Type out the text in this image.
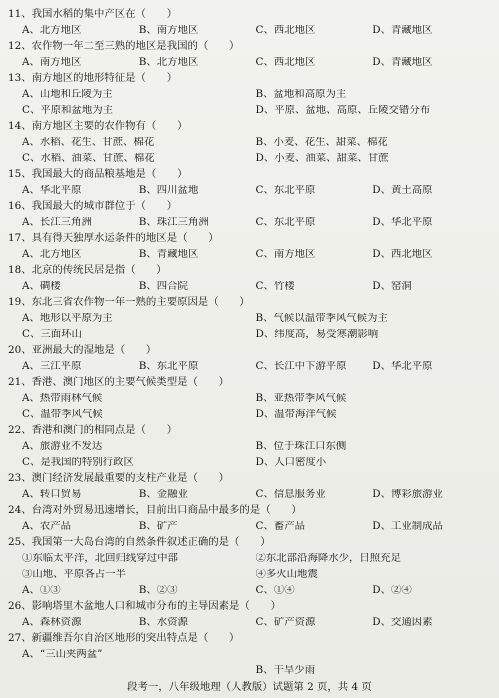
11、我国水稻的集中产区在（　　）
A、北方地区	B、南方地区	C、西北地区	D、青藏地区
12、农作物一年二至三熟的地区是我国的（　　）
A、南方地区	B、北方地区	C、西北地区	D、青藏地区
13、南方地区的地形特征是（　　）
A、山地和丘陵为主	B、盆地和高原为主
C、平原和盆地为主	D、平原、盆地、高原、丘陵交错分布
14、南方地区主要的农作物有（　　）
A、水稻、花生、甘蔗、棉花	B、小麦、花生、甜菜、棉花
C、水稻、油菜、甘蔗、棉花	D、小麦、油菜、甜菜、甘蔗
15、我国最大的商品粮基地是（　　）
A、华北平原	B、四川盆地	C、东北平原	D、黄土高原
16、我国最大的城市群位于（　　）
A、长江三角洲	B、珠江三角洲	C、东北平原	D、华北平原
17、具有得天独厚水运条件的地区是（　　）
A、北方地区	B、青藏地区	C、南方地区	D、西北地区
18、北京的传统民居是指（　　）
A、碉楼	B、四合院	C、竹楼	D、窑洞
19、东北三省农作物一年一熟的主要原因是（　　）
A、地形以平原为主	B、气候以温带季风气候为主
C、三面环山	D、纬度高，易受寒潮影响
20、亚洲最大的湿地是（　　）
A、三江平原	B、东北平原	C、长江中下游平原	D、华北平原
21、香港、澳门地区的主要气候类型是（　　）
A、热带雨林气候	B、亚热带季风气候
C、温带季风气候	D、温带海洋气候
22、香港和澳门的相同点是（　　）
A、旅游业不发达	B、位于珠江口东侧
C、是我国的特别行政区	D、人口密度小
23、澳门经济发展最重要的支柱产业是（　　）
A、转口贸易	B、金融业	C、信息服务业	D、博彩旅游业
24、台湾对外贸易迅速增长，目前出口商品中最多的是（　　）
A、农产品	B、矿产	C、畜产品	D、工业制成品
25、我国第一大岛台湾的自然条件叙述正确的是（　　）
①东临太平洋，北回归线穿过中部	②东北部沿海降水少，日照充足
③山地、平原各占一半	④多火山地震
A、①③	B、②③	C、①④	D、②④
26、影响塔里木盆地人口和城市分布的主导因素是（　　）
A、森林资源	B、水资源	C、矿产资源	D、交通因素
27、新疆维吾尔自治区地形的突出特点是（　　）
A、“三山夹两盆”
B、干旱少雨
段考一，八年级地理（人教版）试题第 2 页，共 4 页
